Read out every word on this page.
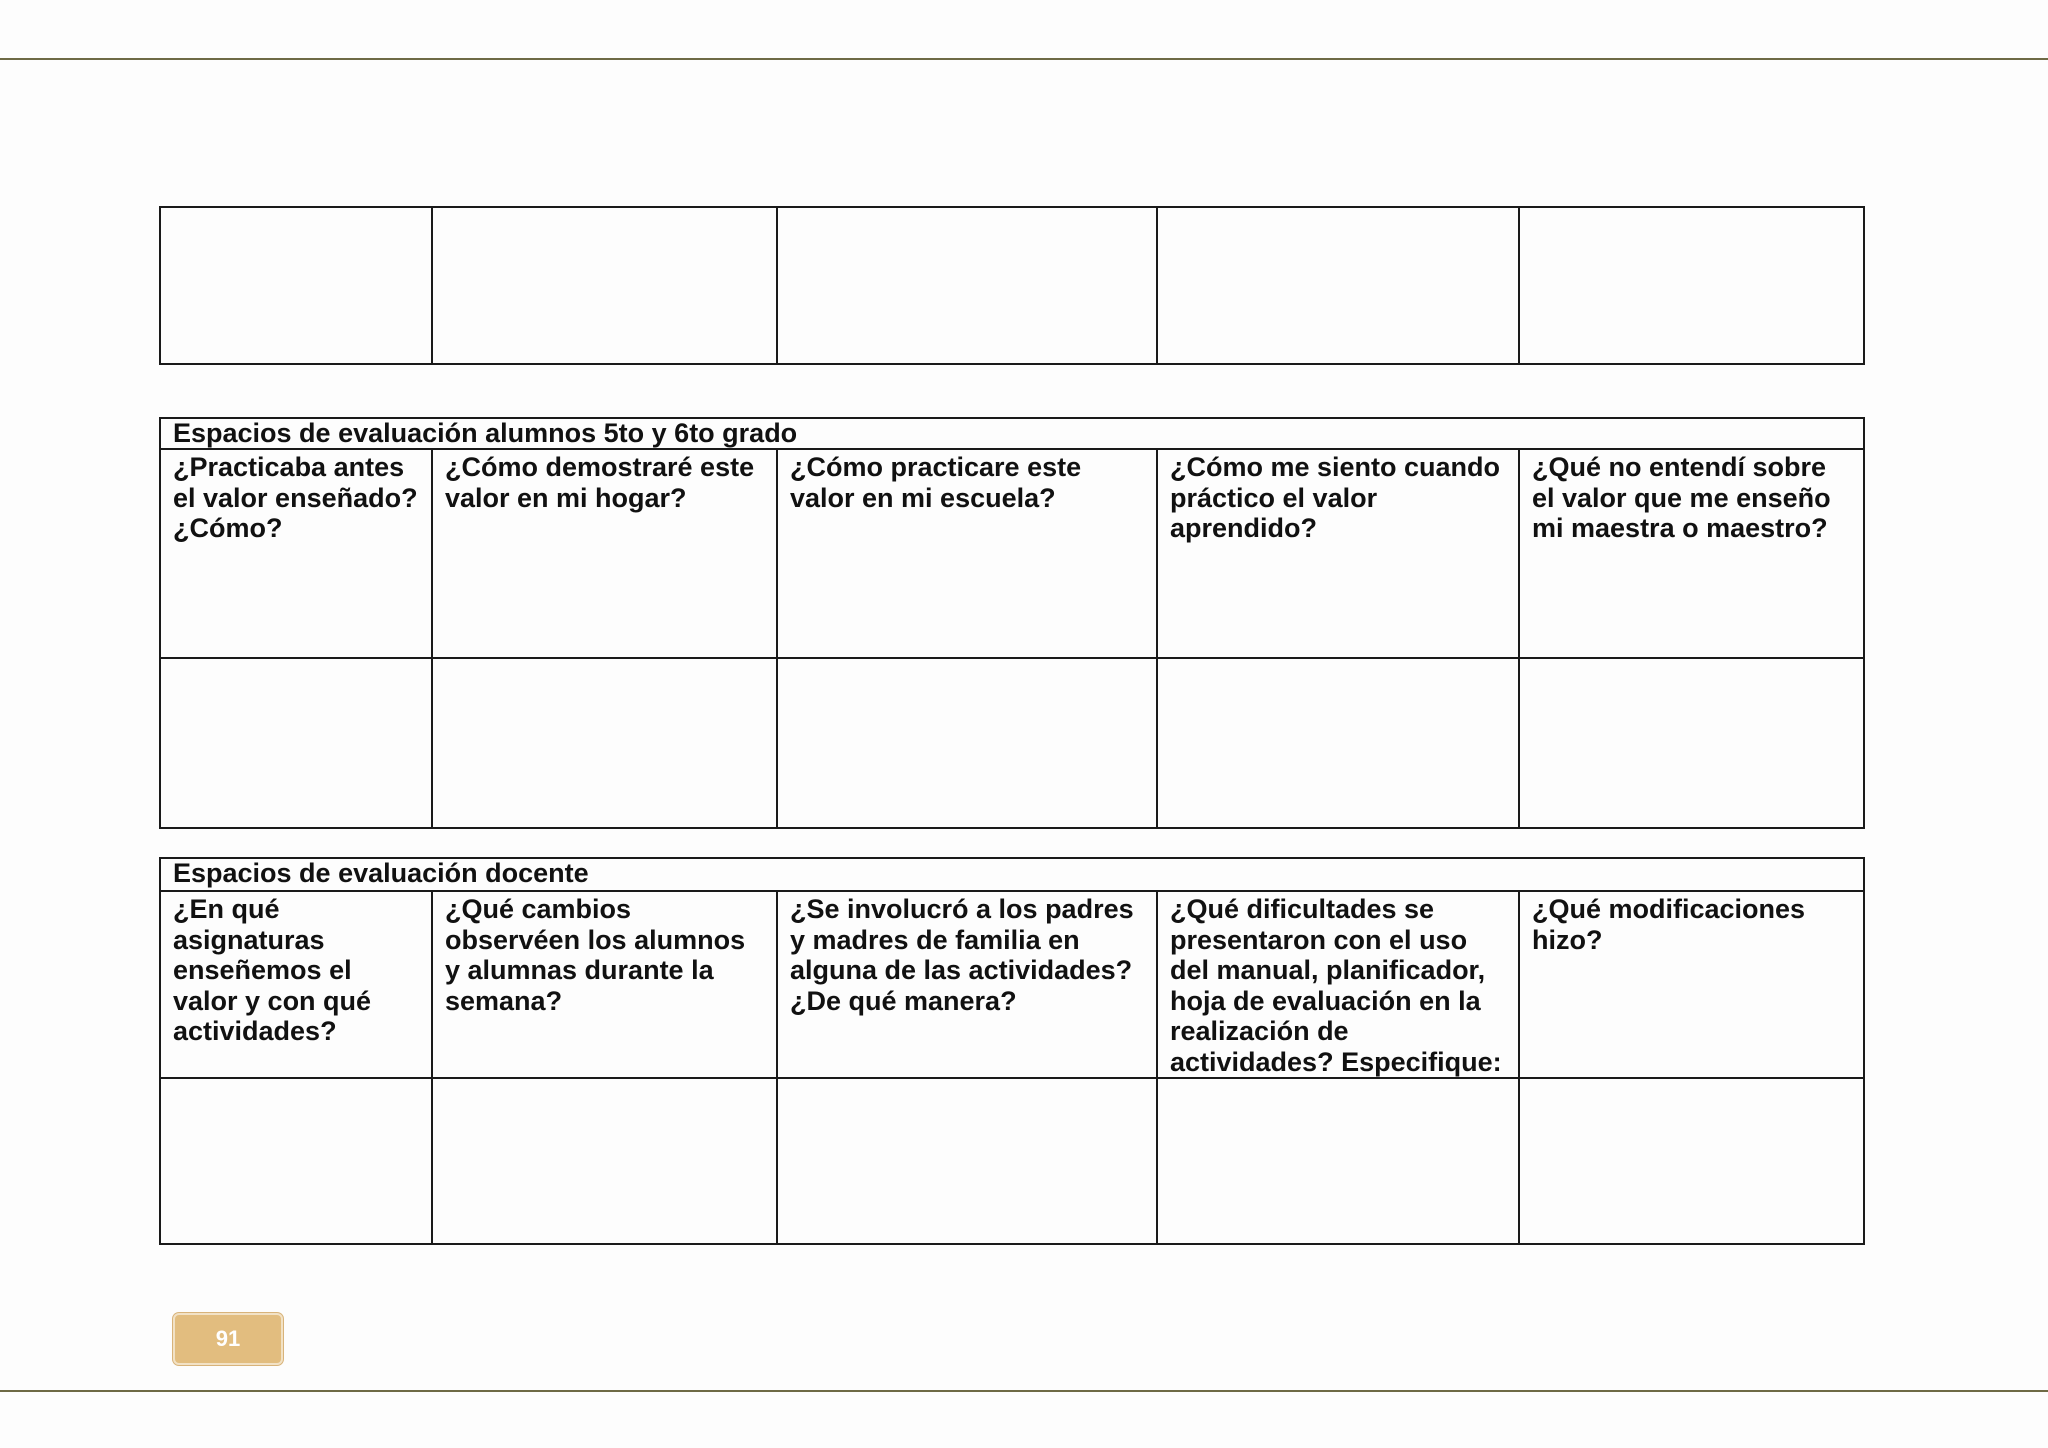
Espacios de evaluación alumnos 5to y 6to grado				
¿Practicaba antes el valor enseñado? ¿Cómo?	¿Cómo demostraré este valor en mi hogar?	¿Cómo practicare este valor en mi escuela?	¿Cómo me siento cuando práctico el valor aprendido?	¿Qué no entendí sobre el valor que me enseño mi maestra o maestro?

Espacios de evaluación docente				
¿En qué asignaturas enseñemos el valor y con qué actividades?	¿Qué cambios observéen los alumnos y alumnas durante la semana?	¿Se involucró a los padres y madres de familia en alguna de las actividades? ¿De qué manera?	¿Qué dificultades se presentaron con el uso del manual, planificador, hoja de evaluación en la realización de actividades? Especifique:	¿Qué modificaciones hizo?

91
